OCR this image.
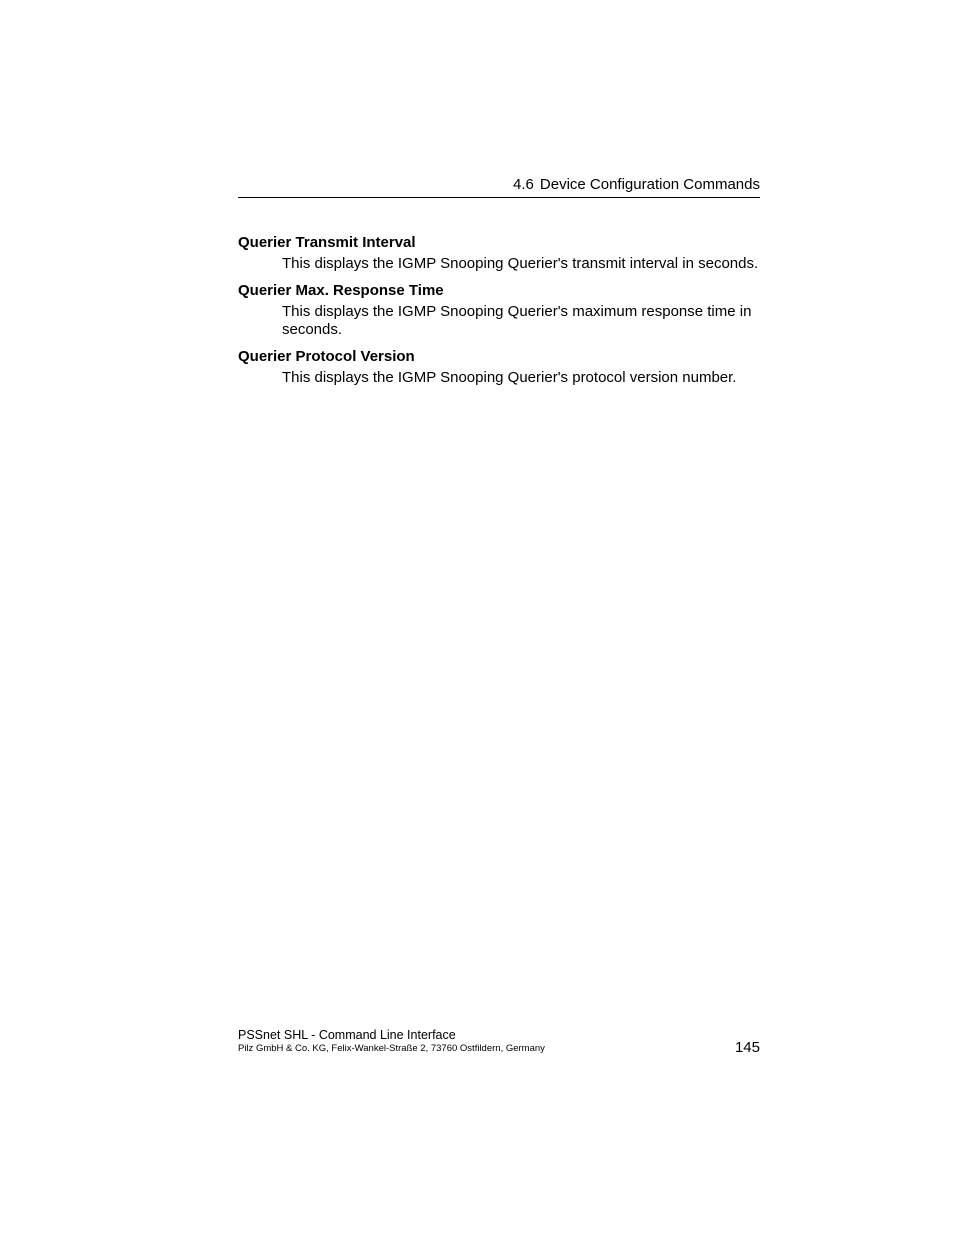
4.6 Device Configuration Commands

Querier Transmit Interval

This displays the IGMP Snooping Querier's transmit interval in seconds.

Querier Max. Response Time

This displays the IGMP Snooping Querier's maximum response time in seconds.

Querier Protocol Version

This displays the IGMP Snooping Querier's protocol version number.

PSSnet SHL - Command Line Interface
Pilz GmbH & Co. KG, Felix-Wankel-Straße 2, 73760 Ostfildern, Germany	145
